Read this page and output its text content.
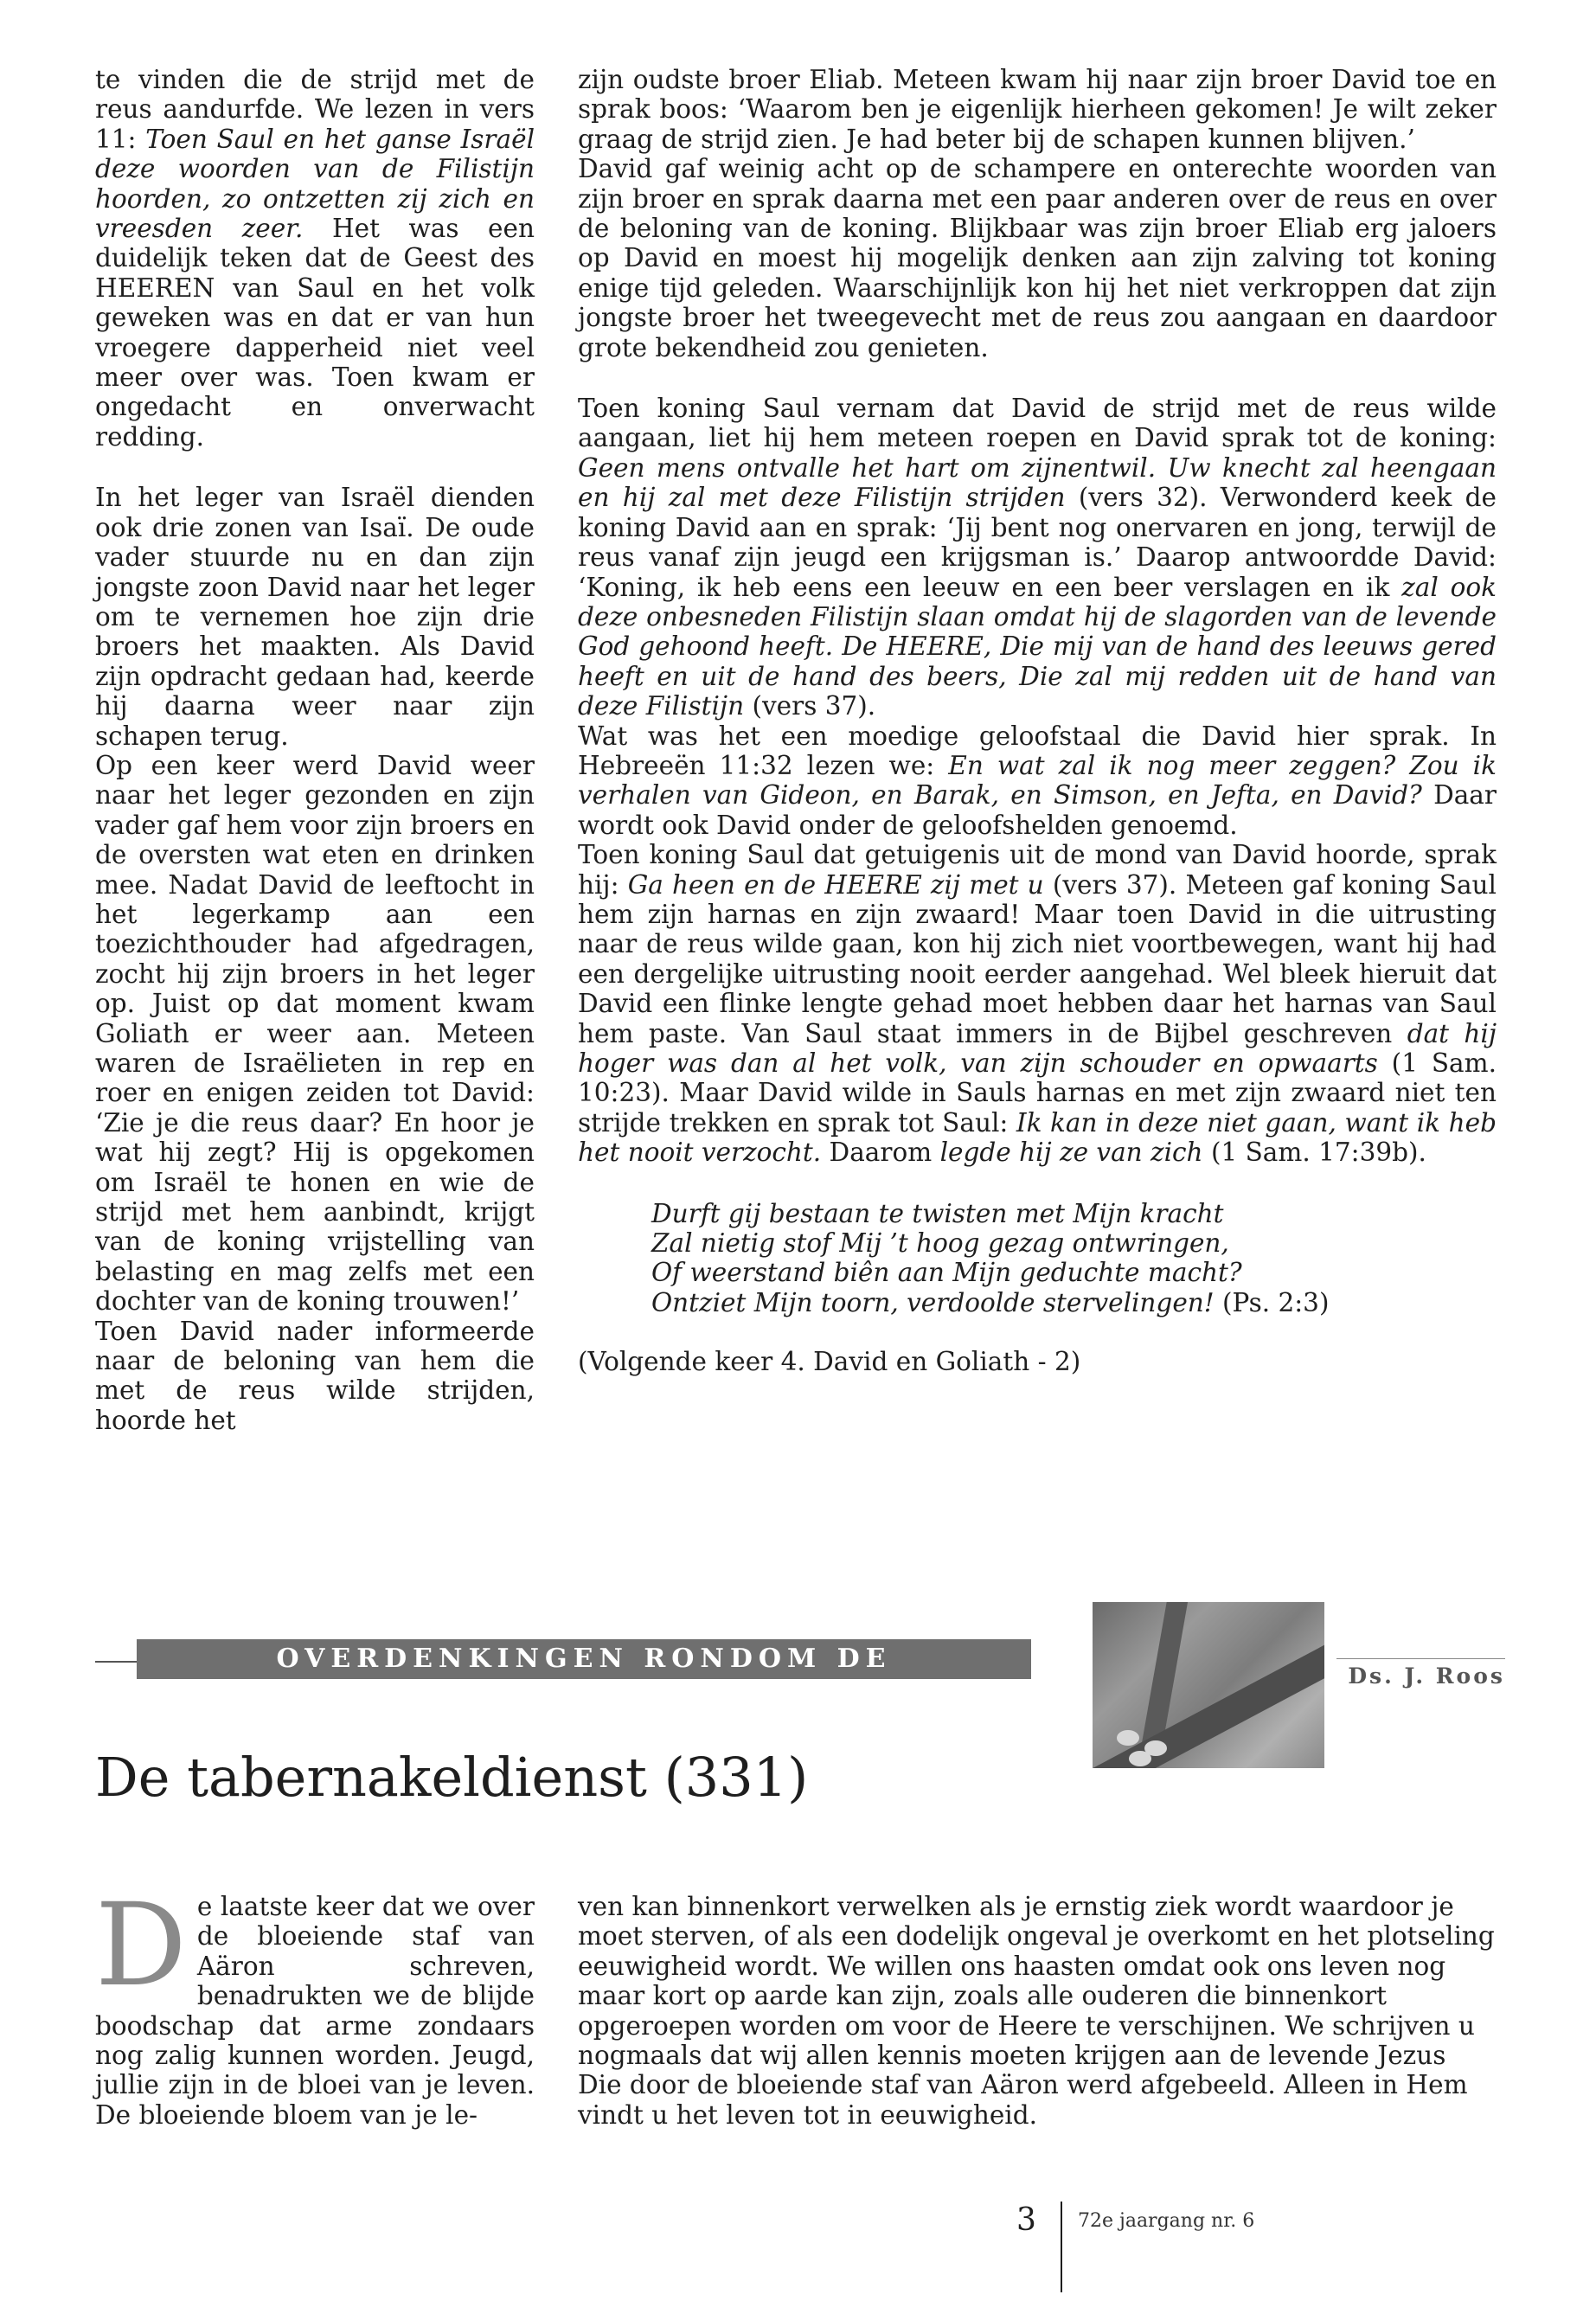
te vinden die de strijd met de reus aandurfde. We lezen in vers 11: Toen Saul en het ganse Israël deze woorden van de Filistijn hoorden, zo ontzetten zij zich en vreesden zeer. Het was een duidelijk teken dat de Geest des HEEREN van Saul en het volk geweken was en dat er van hun vroegere dapperheid niet veel meer over was. Toen kwam er ongedacht en onverwacht redding.

In het leger van Israël dienden ook drie zonen van Isaï. De oude vader stuurde nu en dan zijn jongste zoon David naar het leger om te vernemen hoe zijn drie broers het maakten. Als David zijn opdracht gedaan had, keerde hij daarna weer naar zijn schapen terug.

Op een keer werd David weer naar het leger gezonden en zijn vader gaf hem voor zijn broers en de oversten wat eten en drinken mee. Nadat David de leeftocht in het legerkamp aan een toezichthouder had afgedragen, zocht hij zijn broers in het leger op. Juist op dat moment kwam Goliath er weer aan. Meteen waren de Israëlieten in rep en roer en enigen zeiden tot David: ‘Zie je die reus daar? En hoor je wat hij zegt? Hij is opgekomen om Israël te honen en wie de strijd met hem aanbindt, krijgt van de koning vrijstelling van belasting en mag zelfs met een dochter van de koning trouwen!’

Toen David nader informeerde naar de beloning van hem die met de reus wilde strijden, hoorde het

zijn oudste broer Eliab. Meteen kwam hij naar zijn broer David toe en sprak boos: ‘Waarom ben je eigenlijk hierheen gekomen! Je wilt zeker graag de strijd zien. Je had beter bij de schapen kunnen blijven.’

David gaf weinig acht op de schampere en onterechte woorden van zijn broer en sprak daarna met een paar anderen over de reus en over de beloning van de koning. Blijkbaar was zijn broer Eliab erg jaloers op David en moest hij mogelijk denken aan zijn zalving tot koning enige tijd geleden. Waarschijnlijk kon hij het niet verkroppen dat zijn jongste broer het tweegevecht met de reus zou aangaan en daardoor grote bekendheid zou genieten.

Toen koning Saul vernam dat David de strijd met de reus wilde aangaan, liet hij hem meteen roepen en David sprak tot de koning: Geen mens ontvalle het hart om zijnentwil. Uw knecht zal heengaan en hij zal met deze Filistijn strijden (vers 32). Verwonderd keek de koning David aan en sprak: ‘Jij bent nog onervaren en jong, terwijl de reus vanaf zijn jeugd een krijgsman is.’ Daarop antwoordde David: ‘Koning, ik heb eens een leeuw en een beer verslagen en ik zal ook deze onbesneden Filistijn slaan omdat hij de slagorden van de levende God gehoond heeft. De HEERE, Die mij van de hand des leeuws gered heeft en uit de hand des beers, Die zal mij redden uit de hand van deze Filistijn (vers 37).

Wat was het een moedige geloofstaal die David hier sprak. In Hebreeën 11:32 lezen we: En wat zal ik nog meer zeggen? Zou ik verhalen van Gideon, en Barak, en Simson, en Jefta, en David? Daar wordt ook David onder de geloofshelden genoemd.

Toen koning Saul dat getuigenis uit de mond van David hoorde, sprak hij: Ga heen en de HEERE zij met u (vers 37). Meteen gaf koning Saul hem zijn harnas en zijn zwaard! Maar toen David in die uitrusting naar de reus wilde gaan, kon hij zich niet voortbewegen, want hij had een dergelijke uitrusting nooit eerder aangehad. Wel bleek hieruit dat David een flinke lengte gehad moet hebben daar het harnas van Saul hem paste. Van Saul staat immers in de Bijbel geschreven dat hij hoger was dan al het volk, van zijn schouder en opwaarts (1 Sam. 10:23). Maar David wilde in Sauls harnas en met zijn zwaard niet ten strijde trekken en sprak tot Saul: Ik kan in deze niet gaan, want ik heb het nooit verzocht. Daarom legde hij ze van zich (1 Sam. 17:39b).

Durft gij bestaan te twisten met Mijn kracht
Zal nietig stof Mij ’t hoog gezag ontwringen,
Of weerstand biên aan Mijn geduchte macht?
Ontziet Mijn toorn, verdoolde stervelingen! (Ps. 2:3)

(Volgende keer 4. David en Goliath - 2)

OVERDENKINGEN RONDOM DE TABERNAKEL
Ds. J. Roos
De tabernakeldienst (331)
D e laatste keer dat we over de bloeiende staf van Aäron schreven, benadrukten we de blijde boodschap dat arme zondaars nog zalig kunnen worden. Jeugd, jullie zijn in de bloei van je leven. De bloeiende bloem van je le-

ven kan binnenkort verwelken als je ernstig ziek wordt waardoor je moet sterven, of als een dodelijk ongeval je overkomt en het plotseling eeuwigheid wordt. We willen ons haasten omdat ook ons leven nog maar kort op aarde kan zijn, zoals alle ouderen die binnenkort opgeroepen worden om voor de Heere te verschijnen. We schrijven u nogmaals dat wij allen kennis moeten krijgen aan de levende Jezus Die door de bloeiende staf van Aäron werd afgebeeld. Alleen in Hem vindt u het leven tot in eeuwigheid.

3 72e jaargang nr. 6
